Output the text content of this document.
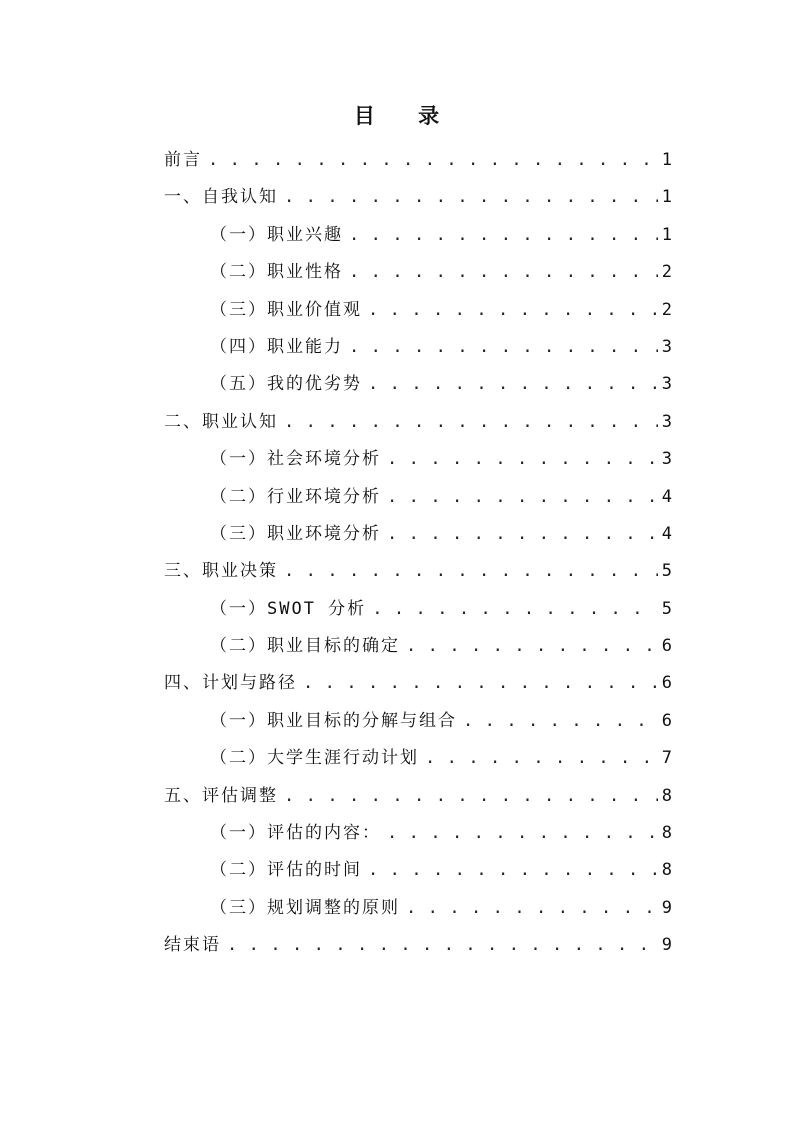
目 录
前言 . . .	1
一、自我认知 . . .	1
（一）职业兴趣 . . .	1
（二）职业性格 . . .	2
（三）职业价值观 . . .	2
（四）职业能力 . . .	3
（五）我的优劣势 . . .	3
二、职业认知 . . .	3
（一）社会环境分析 . . .	3
（二）行业环境分析 . . .	4
（三）职业环境分析 . . .	4
三、职业决策 . . .	5
（一）SWOT 分析 . . .	5
（二）职业目标的确定 . . .	6
四、计划与路径 . . .	6
（一）职业目标的分解与组合 . . .	6
（二）大学生涯行动计划 . . .	7
五、评估调整 . . .	8
（一）评估的内容： . . .	8
（二）评估的时间 . . .	8
（三）规划调整的原则 . . .	9
结束语 . . .	9
